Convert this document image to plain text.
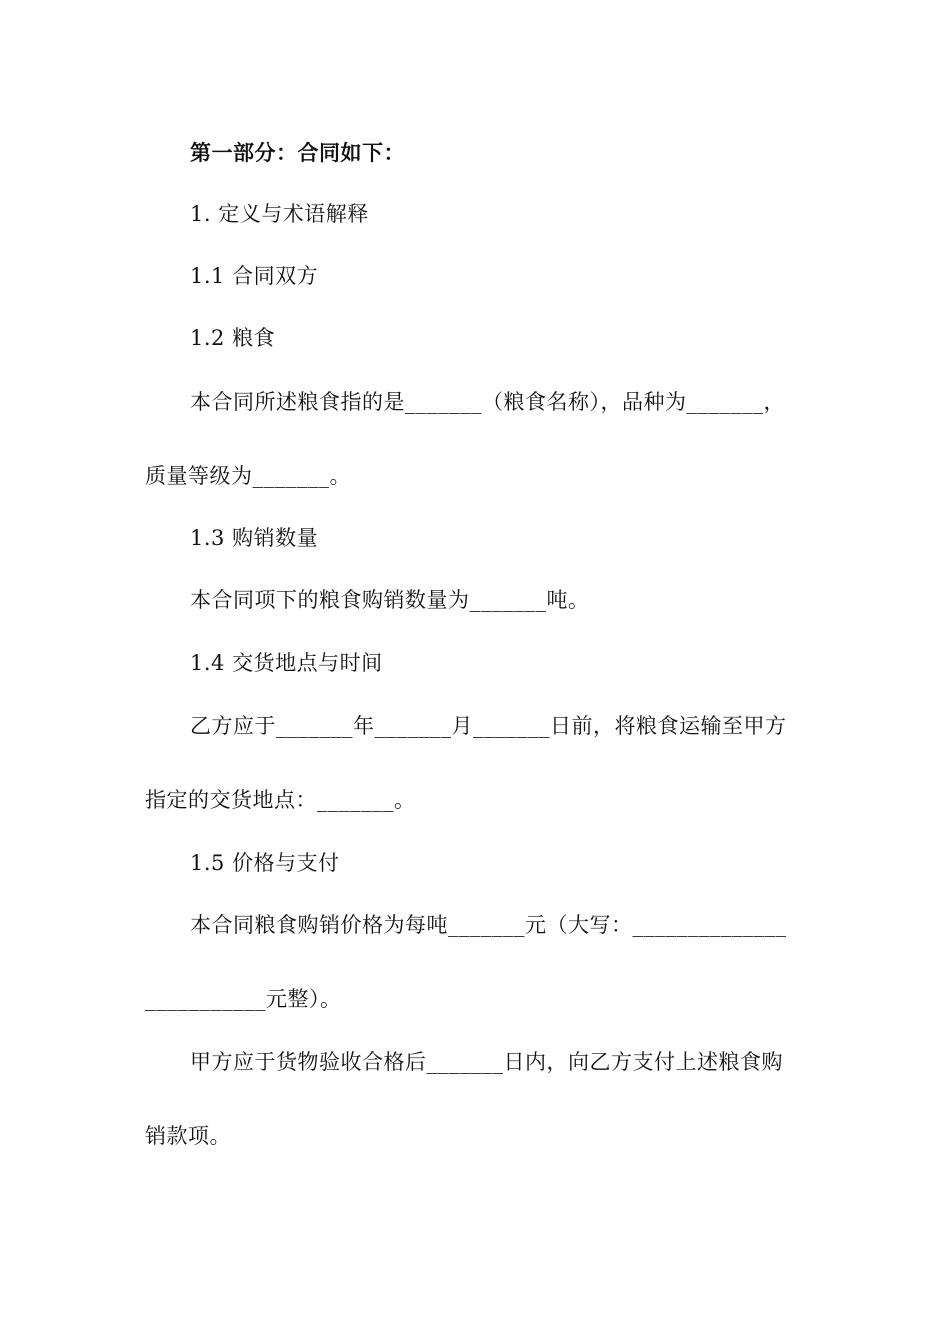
第一部分：合同如下：
1. 定义与术语解释
1.1 合同双方
1.2 粮食
本合同所述粮食指的是_______（粮食名称），品种为_______，
质量等级为_______。
1.3 购销数量
本合同项下的粮食购销数量为_______吨。
1.4 交货地点与时间
乙方应于_______年_______月_______日前，将粮食运输至甲方
指定的交货地点：_______。
1.5 价格与支付
本合同粮食购销价格为每吨_______元（大写：______________
___________元整）。
甲方应于货物验收合格后_______日内，向乙方支付上述粮食购
销款项。
